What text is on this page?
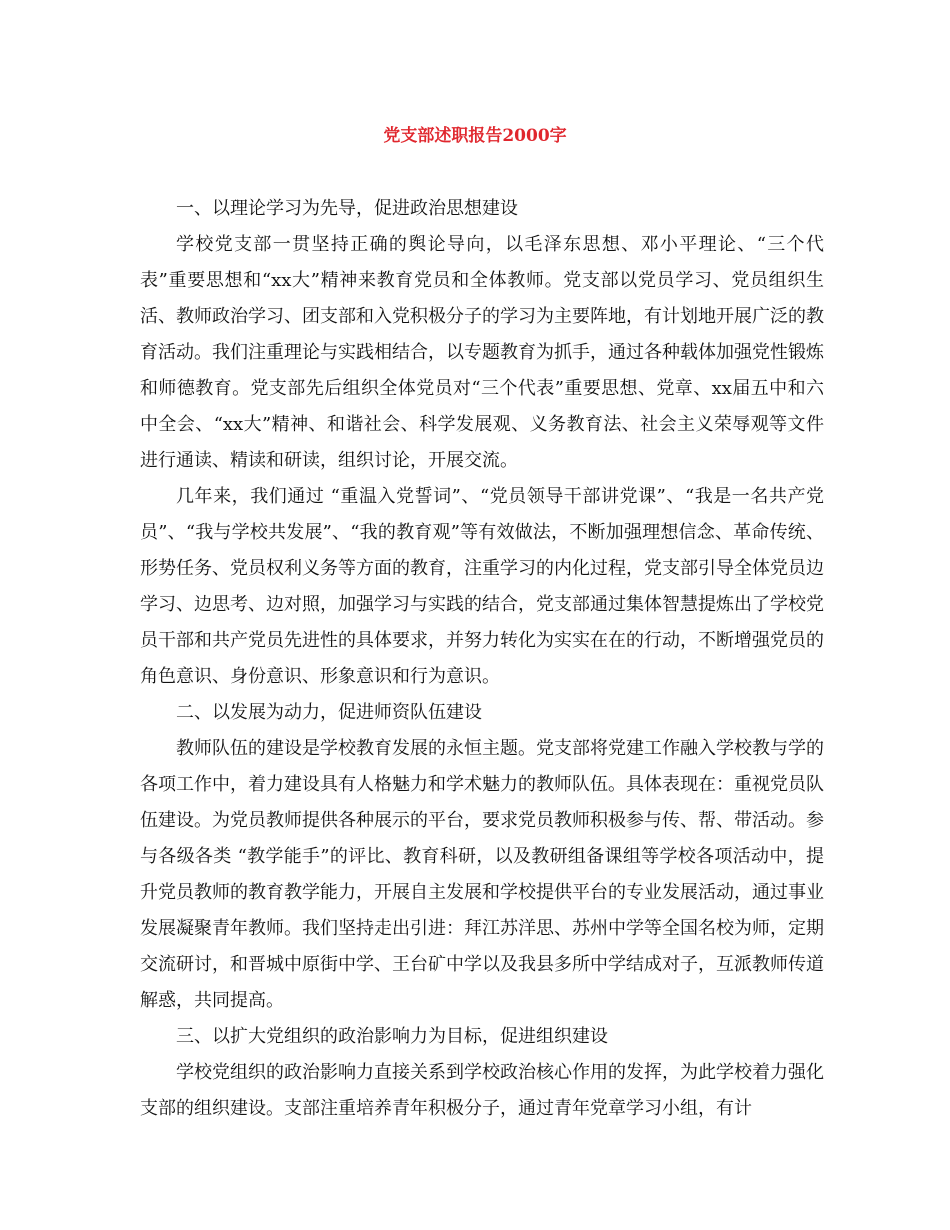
党支部述职报告2000字

一、以理论学习为先导，促进政治思想建设

学校党支部一贯坚持正确的舆论导向，以毛泽东思想、邓小平理论、“三个代表”重要思想和“xx大”精神来教育党员和全体教师。党支部以党员学习、党员组织生活、教师政治学习、团支部和入党积极分子的学习为主要阵地，有计划地开展广泛的教育活动。我们注重理论与实践相结合，以专题教育为抓手，通过各种载体加强党性锻炼和师德教育。党支部先后组织全体党员对“三个代表”重要思想、党章、xx届五中和六中全会、“xx大”精神、和谐社会、科学发展观、义务教育法、社会主义荣辱观等文件进行通读、精读和研读，组织讨论，开展交流。

几年来，我们通过 “重温入党誓词”、“党员领导干部讲党课”、“我是一名共产党员”、“我与学校共发展”、“我的教育观”等有效做法，不断加强理想信念、革命传统、形势任务、党员权利义务等方面的教育，注重学习的内化过程，党支部引导全体党员边学习、边思考、边对照，加强学习与实践的结合，党支部通过集体智慧提炼出了学校党员干部和共产党员先进性的具体要求，并努力转化为实实在在的行动，不断增强党员的角色意识、身份意识、形象意识和行为意识。

二、以发展为动力，促进师资队伍建设

教师队伍的建设是学校教育发展的永恒主题。党支部将党建工作融入学校教与学的各项工作中，着力建设具有人格魅力和学术魅力的教师队伍。具体表现在：重视党员队伍建设。为党员教师提供各种展示的平台，要求党员教师积极参与传、帮、带活动。参与各级各类 “教学能手”的评比、教育科研，以及教研组备课组等学校各项活动中，提升党员教师的教育教学能力，开展自主发展和学校提供平台的专业发展活动，通过事业发展凝聚青年教师。我们坚持走出引进：拜江苏洋思、苏州中学等全国名校为师，定期交流研讨，和晋城中原街中学、王台矿中学以及我县多所中学结成对子，互派教师传道解惑，共同提高。

三、以扩大党组织的政治影响力为目标，促进组织建设

学校党组织的政治影响力直接关系到学校政治核心作用的发挥，为此学校着力强化支部的组织建设。支部注重培养青年积极分子，通过青年党章学习小组，有计
